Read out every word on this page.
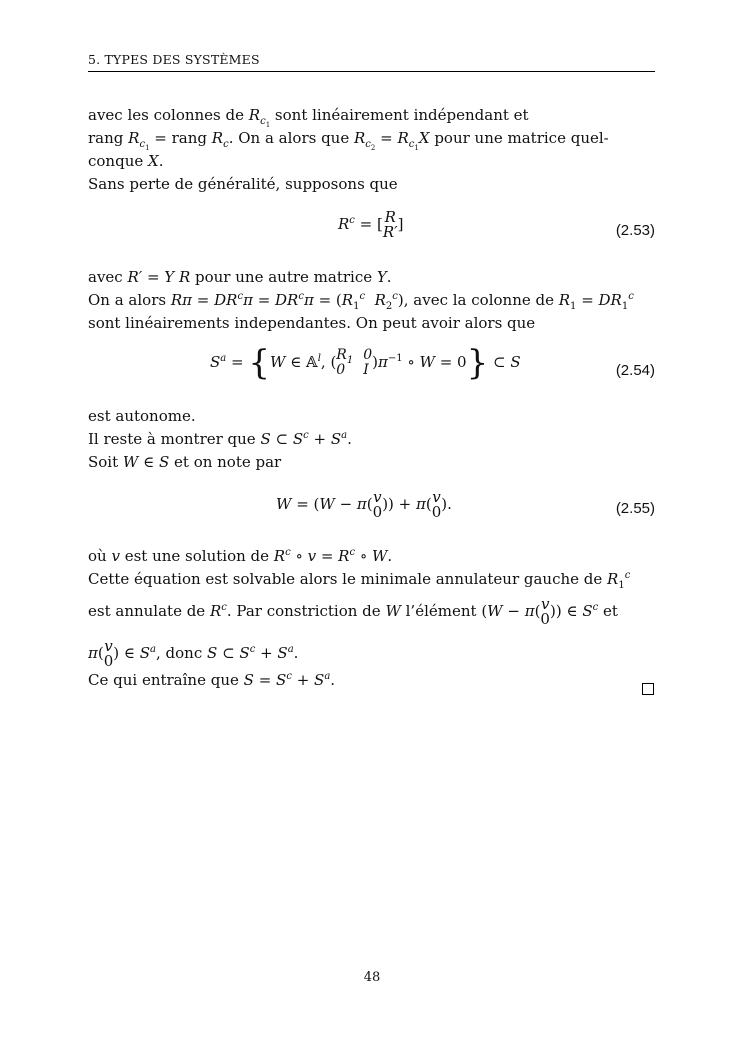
5. TYPES DES SYSTÈMES

avec les colonnes de $R_{c_1}$ sont linéairement indépendant et

rang $R_{c_1}$ = rang $R_c$. On a alors que $R_{c_2} = R_{c_1}X$ pour une matrice quel-

conque X.

Sans perte de généralité, supposons que

$R^c$ = [ R
R′ ]	(2.53)

avec R′ = Y R pour une autre matrice Y.

On a alors $R\pi = DR^c\pi = DR^c\pi = (R_1^c$ $R_2^c$), avec la colonne de $R_1 = DR_1^c$

sont linéairements independantes. On peut avoir alors que

$S^a = \{W$ ∈ 𝔸$^l$, ( $R_1$ 0
0	I )$\pi^{-1}$ ∘ W = 0} ⊂ S	(2.54)

est autonome.

Il reste à montrer que S ⊂ $S^c + S^a$.

Soit W ∈ S et on note par

W = (W − π( v
0 )) + π( v
0 ).	(2.55)

où v est une solution de $R^c$ ∘ $v = R^c$ ∘ W.

Cette équation est solvable alors le minimale annulateur gauche de $R_1^c$

est annulate de $R^c$. Par constriction de W l’élément (W − π( v
0 )) ∈ $S^c$ et

π( v
0 ) ∈ $S^a$, donc S ⊂ $S^c + S^a$.

Ce qui entraîne que $S = S^c + S^a$.

48
